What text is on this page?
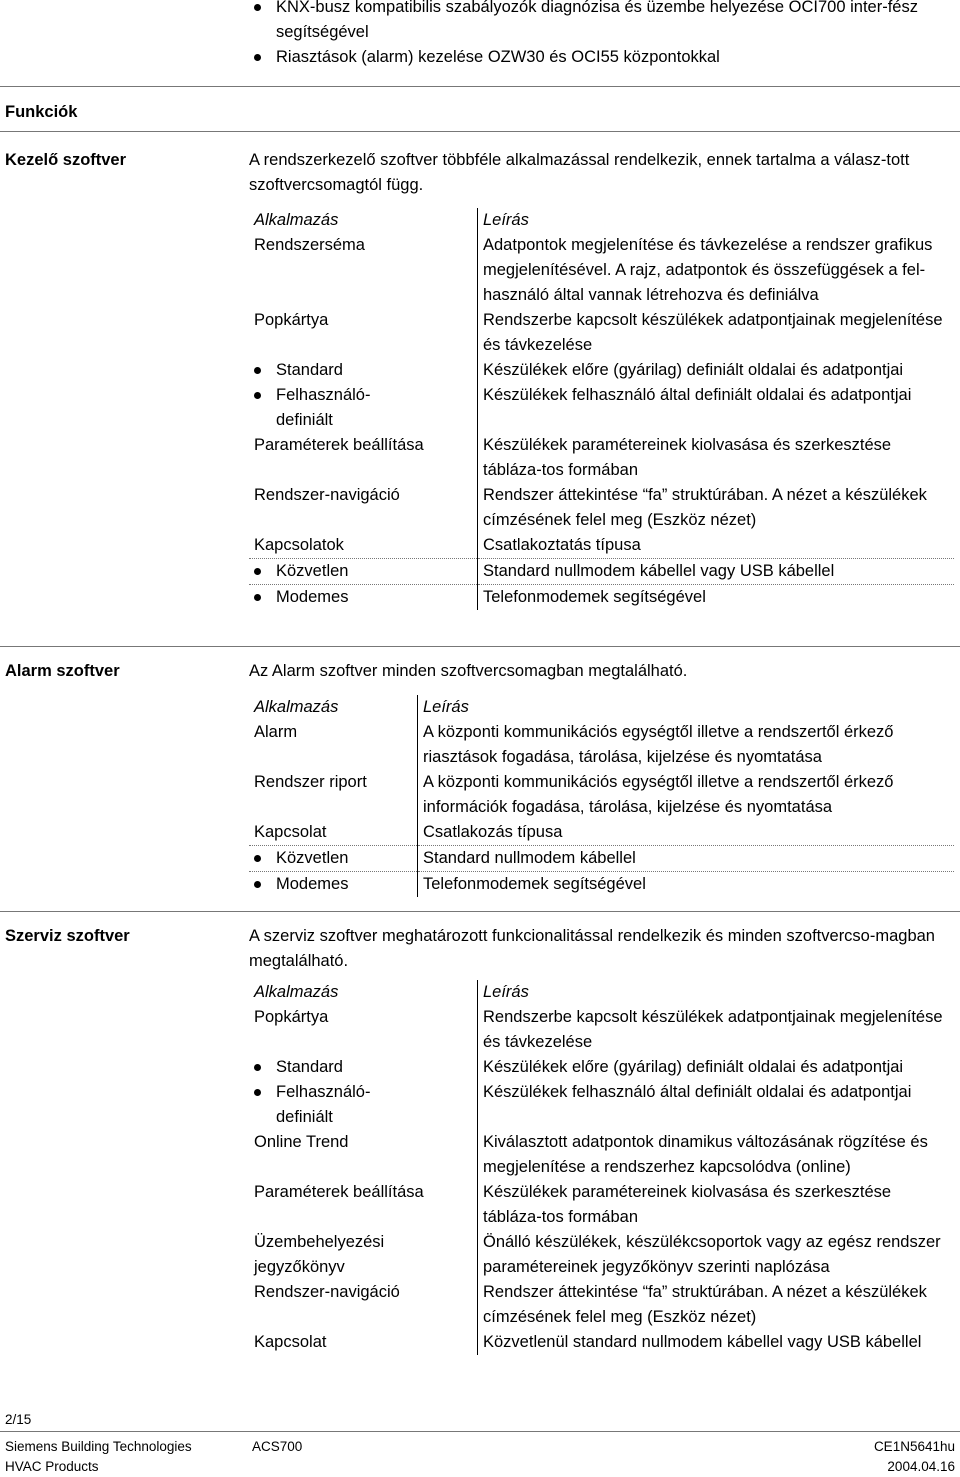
KNX-busz kompatibilis szabályozók diagnózisa és üzembe helyezése OCI700 inter-fész segítségével
Riasztások (alarm) kezelése OZW30 és OCI55 központokkal
Funkciók
Kezelő szoftver	A rendszerkezelő szoftver többféle alkalmazással rendelkezik, ennek tartalma a válasz-tott szoftvercsomagtól függ.
Alkalmazás	Leírás
Rendszerséma	Adatpontok megjelenítése és távkezelése a rendszer grafikus megjelenítésével. A rajz, adatpontok és összefüggések a fel-használó által vannak létrehozva és definiálva
Popkártya	Rendszerbe kapcsolt készülékek adatpontjainak megjelenítése és távkezelése

Standard	Készülékek előre (gyárilag) definiált oldalai és adatpontjai

Felhasználó-definiált	Készülékek felhasználó által definiált oldalai és adatpontjai
Paraméterek beállítása	Készülékek paramétereinek kiolvasása és szerkesztése tábláza-tos formában
Rendszer-navigáció	Rendszer áttekintése “fa” struktúrában. A nézet a készülékek címzésének felel meg (Eszköz nézet)
Kapcsolatok	Csatlakoztatás típusa

Közvetlen	Standard nullmodem kábellel vagy USB kábellel

Modemes	Telefonmodemek segítségével
Alarm szoftver	Az Alarm szoftver minden szoftvercsomagban megtalálható.
Alkalmazás	Leírás
Alarm	A központi kommunikációs egységtől illetve a rendszertől érkező riasztások fogadása, tárolása, kijelzése és nyomtatása
Rendszer riport	A központi kommunikációs egységtől illetve a rendszertől érkező információk fogadása, tárolása, kijelzése és nyomtatása
Kapcsolat	Csatlakozás típusa

Közvetlen	Standard nullmodem kábellel

Modemes	Telefonmodemek segítségével
Szerviz szoftver	A szerviz szoftver meghatározott funkcionalitással rendelkezik és minden szoftvercso-magban megtalálható.
Alkalmazás	Leírás
Popkártya	Rendszerbe kapcsolt készülékek adatpontjainak megjelenítése és távkezelése

Standard	Készülékek előre (gyárilag) definiált oldalai és adatpontjai

Felhasználó-definiált	Készülékek felhasználó által definiált oldalai és adatpontjai
Online Trend	Kiválasztott adatpontok dinamikus változásának rögzítése és megjelenítése a rendszerhez kapcsolódva (online)
Paraméterek beállítása	Készülékek paramétereinek kiolvasása és szerkesztése tábláza-tos formában
Üzembehelyezési jegyzőkönyv	Önálló készülékek, készülékcsoportok vagy az egész rendszer paramétereinek jegyzőkönyv szerinti naplózása
Rendszer-navigáció	Rendszer áttekintése “fa” struktúrában. A nézet a készülékek címzésének felel meg (Eszköz nézet)
Kapcsolat	Közvetlenül standard nullmodem kábellel vagy USB kábellel
2/15
Siemens Building Technologies
HVAC Products
ACS700	CE1N5641hu
2004.04.16
